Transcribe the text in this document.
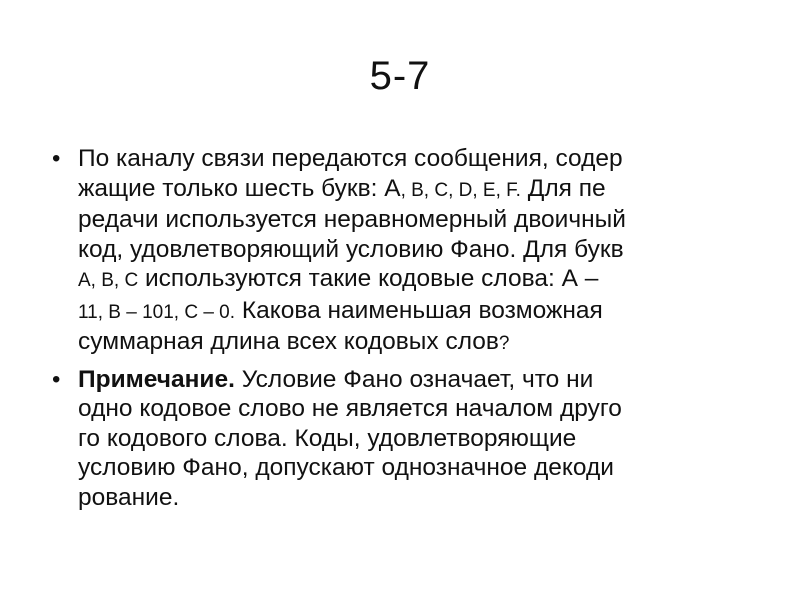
5-7
• По каналу связи передаются сообщения, содер
жащие только шесть букв: А, B, C, D, E, F. Для пе
редачи используется неравномерный двоичный
код, удовлетворяющий условию Фано. Для букв
A, B, C используются такие кодовые слова: А –
11, B – 101, C – 0. Какова наименьшая возможная
суммарная длина всех кодовых слов?
• Примечание. Условие Фано означает, что ни
одно кодовое слово не является началом друго
го кодового слова. Коды, удовлетворяющие
условию Фано, допускают однозначное декоди
рование.
